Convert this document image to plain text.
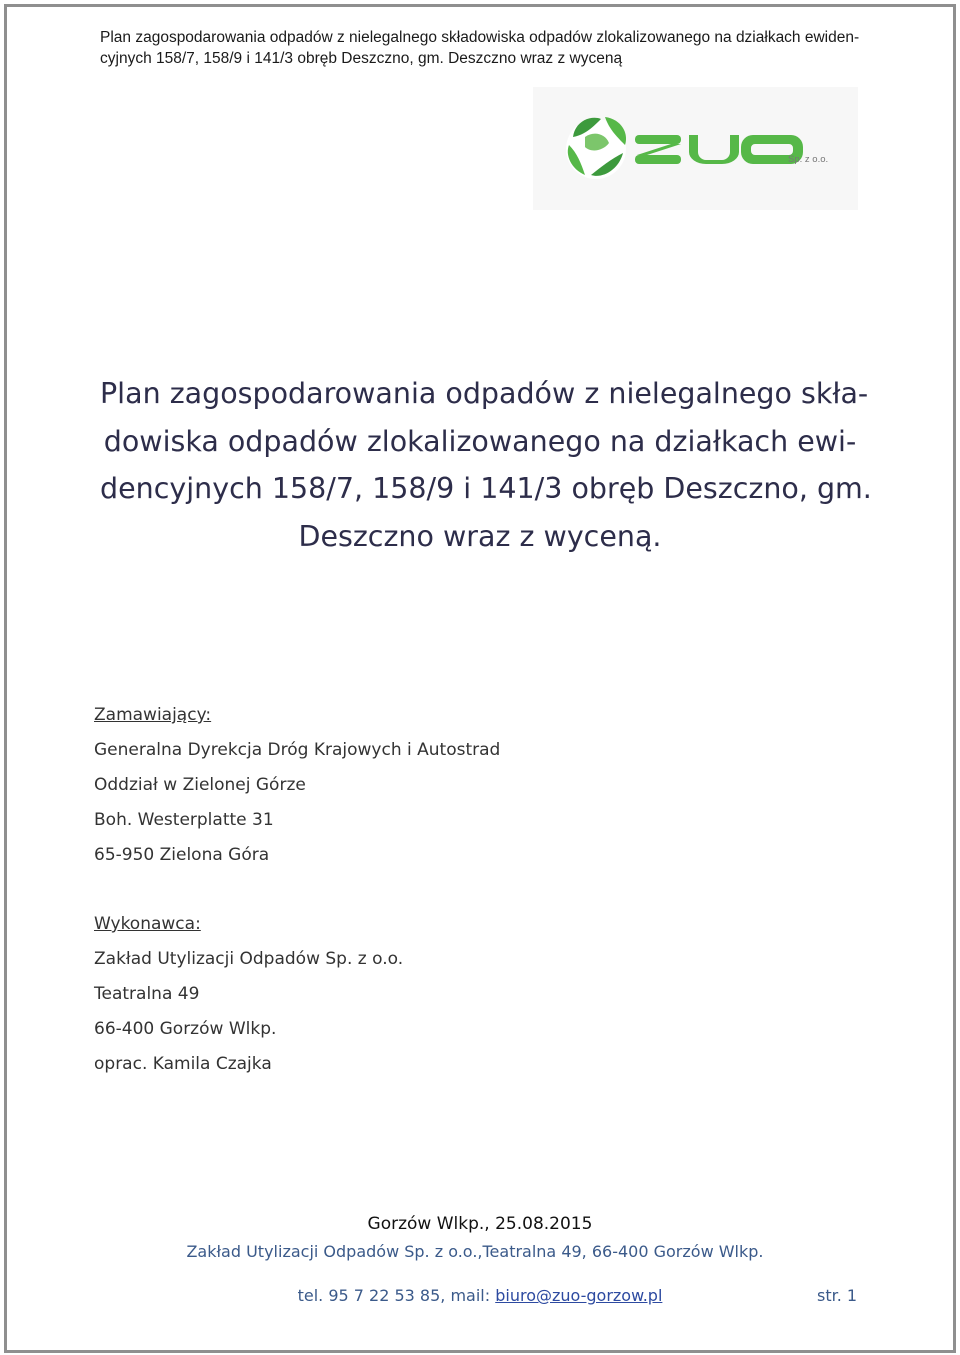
Plan zagospodarowania odpadów z nielegalnego składowiska odpadów zlokalizowanego na działkach ewiden-
cyjnych 158/7, 158/9 i 141/3 obręb Deszczno, gm. Deszczno wraz z wyceną
Sp. z o.o.
Plan zagospodarowania odpadów z nielegalnego skła-
dowiska odpadów zlokalizowanego na działkach ewi-
dencyjnych 158/7, 158/9 i 141/3 obręb Deszczno, gm.
Deszczno wraz z wyceną.
Zamawiający:
Generalna Dyrekcja Dróg Krajowych i Autostrad
Oddział w Zielonej Górze
Boh. Westerplatte 31
65-950 Zielona Góra
Wykonawca:
Zakład Utylizacji Odpadów Sp. z o.o.
Teatralna 49
66-400 Gorzów Wlkp.
oprac. Kamila Czajka
Gorzów Wlkp., 25.08.2015
Zakład Utylizacji Odpadów Sp. z o.o.,Teatralna 49, 66-400 Gorzów Wlkp.
tel. 95 7 22 53 85, mail: biuro@zuo-gorzow.pl	str. 1
